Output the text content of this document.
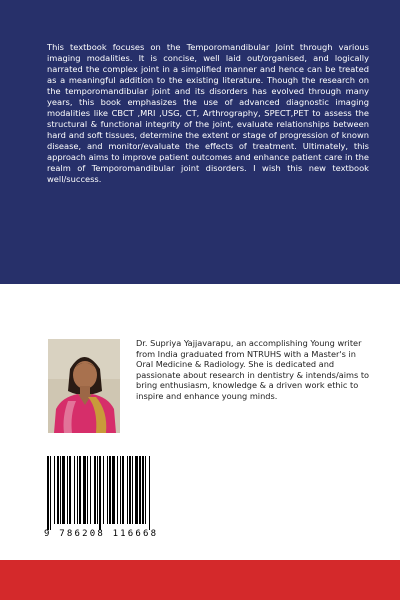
This textbook focuses on the Temporomandibular Joint through various imaging modalities. It is concise, well laid out/organised, and logically narrated the complex joint in a simplified manner and hence can be treated as a meaningful addition to the existing literature. Though the research on the temporomandibular joint and its disorders has evolved through many years, this book emphasizes the use of advanced diagnostic imaging modalities like CBCT ,MRI ,USG, CT, Arthrography, SPECT,PET to assess the structural & functional integrity of the joint, evaluate relationships between hard and soft tissues, determine the extent or stage of progression of known disease, and monitor/evaluate the effects of treatment. Ultimately, this approach aims to improve patient outcomes and enhance patient care in the realm of Temporomandibular joint disorders. I wish this new textbook well/success.

Dr. Supriya Yajjavarapu, an accomplishing Young writer from India graduated from NTRUHS with a Master's in Oral Medicine & Radiology. She is dedicated and passionate about research in dentistry & intends/aims to bring enthusiasm, knowledge & a driven work ethic to inspire and enhance young minds.

9 786208 116668
